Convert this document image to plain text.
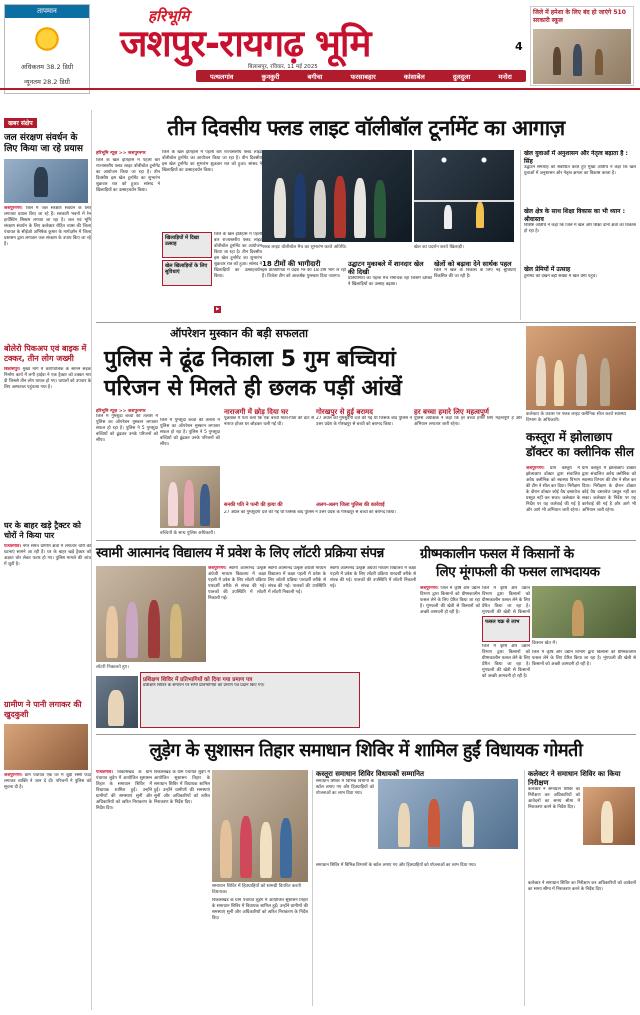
तापमान
अधिकतम 38.2 डिग्री
न्यूनतम 28.2 डिग्री
हरिभूमि
जशपुर-रायगढ़ भूमि
बिलासपुर, रविवार, 11 मई 2025
4
पत्थलगांव	कुनकुरी	बगीचा	फरसाबहार	कांसाबेल	दुलदुला	मनोरा
जिले में हमेशा के लिए बंद हो जाएंगे 510 सरकारी स्कूल
खबर संक्षेप
जल संरक्षण संवर्धन के लिए किया जा रहे प्रयास
जशपुरनगर। जिले में जल संरक्षण संवर्धन के लिए लगातार प्रयास किए जा रहे हैं। सरकारी भवनों में रेन हार्वेस्टिंग सिस्टम लगाया जा रहा है। जल एवं भूमि संरक्षण संवर्धन के लिए कलेक्टर रोहित व्यास की जिला पंचायत के सीईओ अभिषेक कुमार के मार्गदर्शन में जिला प्रशासन द्वारा लगातार जल संरक्षण के उपाय किए जा रहे हैं।
बोलेरो पिकअप एवं बाइक में टक्कर, तीन लोग जख्मी
बिलासपुर। मुख्य मार्ग में कार्यपालिक के सामने सड़क निर्माण कार्य में लगी हाईवा ने एक ट्रैक्टर को टक्कर मार दी जिससे तीन लोग घायल हो गए। घायलों को उपचार के लिए अस्पताल पहुंचाया गया है।
घर के बाहर खड़े ट्रैक्टर को चोरों ने किया पार
पत्थलगांव। नगर समेत ग्रामीण क्षेत्रों में लगातार चोरी की घटनाएं सामने आ रही हैं। घर के बाहर खड़े ट्रैक्टर को अज्ञात चोर लेकर फरार हो गए। पुलिस मामले की जांच में जुटी है।
ग्रामीण ने पानी लगाकर की खुदकुशी
जशपुरनगर। ग्राम पंचायत एक घर में जुड़ी रस्सी फंदा लगाकर व्यक्ति ने जान दे दी। परिजनों ने पुलिस को सूचना दी है।
तीन दिवसीय फ्लड लाइट वॉलीबॉल टूर्नामेंट का आगाज़
हरिभूमि न्यूज़ >> जशपुरनगर
जिले के खेल इतिहास में पहली बार राज्यस्तरीय फ्लड लाइट वॉलीबॉल टूर्नामेंट का आयोजन किया जा रहा है। तीन दिवसीय इस खेल टूर्नामेंट का शुभारंभ शुक्रवार रात को हुआ। सांसद ने खिलाड़ियों का उत्साहवर्धन किया।
जिले के खेल इतिहास में पहली बार राज्यस्तरीय फ्लड लाइट वॉलीबॉल टूर्नामेंट का आयोजन किया जा रहा है। तीन दिवसीय इस खेल टूर्नामेंट का शुभारंभ शुक्रवार रात को हुआ। सांसद ने खिलाड़ियों का उत्साहवर्धन किया।
खिलाड़ियों में दिखा उत्साह
खेल खिलाड़ियों के लिए सुविधाएं
जिले के खेल इतिहास में पहली बार राज्यस्तरीय फ्लड लाइट वॉलीबॉल टूर्नामेंट का आयोजन किया जा रहा है। तीन दिवसीय इस खेल टूर्नामेंट का शुभारंभ शुक्रवार रात को हुआ। सांसद ने खिलाड़ियों का उत्साहवर्धन किया।
▶
फ्लड लाइट वॉलीबॉल मैच का शुभारंभ करते अतिथि।	खेल का प्रदर्शन करते खिलाड़ी।
18 टीमों की भागीदारी
इस प्रतियोगिता में प्रदेश भर की 18 टीमें भाग ले रही हैं। विजेता टीम को आकर्षक पुरस्कार दिया जाएगा।
उद्घाटन मुकाबले में शानदार खेल की दिखी
प्रतियोगिता का पहला मैच रोमांचक रहा जिसमें दर्शकों ने खिलाड़ियों का उत्साह बढ़ाया।
खेलों को बढ़ावा देने सार्थक पहल
जिले में खेल के विकास के लिए नई सुविधाएं विकसित की जा रही हैं।
खेल युवाओं में अनुशासन और नेतृत्व बढ़ाता है : सिंह
उद्घाटन समारोह को संबोधित करते हुए मुख्य अतिथि ने कहा कि खेल युवाओं में अनुशासन और नेतृत्व क्षमता का विकास करता है।
खेल क्षेत्र के साथ शिक्षा विकास का भी ध्यान : श्रीवास्तव
विशिष्ट अतिथि ने कहा कि जिले में खेल और शिक्षा दोनों क्षेत्रों का विकास हो रहा है।
खेल प्रेमियों में उत्साह
टूर्नामेंट को देखने बड़ी संख्या में खेल प्रेमी पहुंचे।
ऑपरेशन मुस्कान की बड़ी सफलता
पुलिस ने ढूंढ निकाला 5 गुम बच्चियां
परिजन से मिलते ही छलक पड़ीं आंखें
कलेक्टर के प्रवास पर फ्लड लाइट क्लीनिक सील करते स्वास्थ्य विभाग के अधिकारी।
हरिभूमि न्यूज़ >> जशपुरनगर
जिले में गुमशुदा बच्चों की तलाश में पुलिस का ऑपरेशन मुस्कान लगातार सफल हो रहा है। पुलिस ने 5 गुमशुदा बच्चियों को ढूंढकर उनके परिजनों को सौंपा।
जिले में गुमशुदा बच्चों की तलाश में पुलिस का ऑपरेशन मुस्कान लगातार सफल हो रहा है। पुलिस ने 5 गुमशुदा बच्चियों को ढूंढकर उनके परिजनों को सौंपा।
बच्चियों के साथ पुलिस अधिकारी।
नाराजगी में छोड़ दिया घर
पूछताछ में पता चला कि एक बच्ची माता-पिता की डांट से नाराज होकर घर छोड़कर चली गई थी।
गोरखपुर से हुई बरामद
27 अप्रैल को गुमशुदगी दर्ज की गई थी जिसके बाद पुलिस ने उत्तर प्रदेश के गोरखपुर से बच्ची को बरामद किया।
हर बच्चा हमारे लिए महत्वपूर्ण
पुलिस अधीक्षक ने कहा कि हर बच्चा हमारे लिए महत्वपूर्ण है और अभियान लगातार जारी रहेगा।
सनकी पति ने पत्नी की हत्या की	अलग-अलग जिला पुलिस की कार्रवाई
27 अप्रैल को गुमशुदगी दर्ज की गई थी जिसके बाद पुलिस ने उत्तर प्रदेश के गोरखपुर से बच्ची को बरामद किया।
कस्तूरा में झोलाछाप डॉक्टर का क्लीनिक सील
जशपुरनगर। ग्राम कस्तूरा में झोलाछाप डॉक्टर द्वारा संचालित अवैध क्लीनिक को स्वास्थ्य विभाग की टीम ने सील कर दिया। निरीक्षण के दौरान डॉक्टर कोई वैध दस्तावेज प्रस्तुत नहीं कर सका। कलेक्टर के निर्देश पर यह कार्रवाई की गई है और आगे भी अभियान जारी रहेगा।
ग्राम कस्तूरा में झोलाछाप डॉक्टर द्वारा संचालित अवैध क्लीनिक को स्वास्थ्य विभाग की टीम ने सील कर दिया। निरीक्षण के दौरान डॉक्टर कोई वैध दस्तावेज प्रस्तुत नहीं कर सका। कलेक्टर के निर्देश पर यह कार्रवाई की गई है और आगे भी अभियान जारी रहेगा।
स्वामी आत्मानंद विद्यालय में प्रवेश के लिए लॉटरी प्रक्रिया संपन्न
लॉटरी निकालते हुए।
जशपुरनगर। स्वामी आत्मानंद उत्कृष्ट अंग्रेजी माध्यम विद्यालय में कक्षा पहली में प्रवेश के लिए लॉटरी प्रक्रिया पारदर्शी तरीके से संपन्न की गई। पालकों की उपस्थिति में लॉटरी निकाली गई।
स्वामी आत्मानंद उत्कृष्ट अंग्रेजी माध्यम विद्यालय में कक्षा पहली में प्रवेश के लिए लॉटरी प्रक्रिया पारदर्शी तरीके से संपन्न की गई। पालकों की उपस्थिति में लॉटरी निकाली गई।
प्रशिक्षण शिविर में प्रतिभागियों को दिया गया प्रमाण पत्र
प्रशिक्षण शिविर के समापन पर सभी प्रतिभागियों को प्रमाण पत्र प्रदान किए गए।
स्वामी आत्मानंद उत्कृष्ट अंग्रेजी माध्यम विद्यालय में कक्षा पहली में प्रवेश के लिए लॉटरी प्रक्रिया पारदर्शी तरीके से संपन्न की गई। पालकों की उपस्थिति में लॉटरी निकाली गई।
ग्रीष्मकालीन फसल में किसानों के
लिए मूंगफली की फसल लाभदायक
जशपुरनगर। जिले में कृषि और उद्यान विभाग द्वारा किसानों को ग्रीष्मकालीन फसल लेने के लिए प्रेरित किया जा रहा है। मूंगफली की खेती से किसानों को अच्छी आमदनी हो रही है।
फसल चक्र से लाभ
जिले में कृषि और उद्यान विभाग द्वारा किसानों को ग्रीष्मकालीन फसल लेने के लिए प्रेरित किया जा रहा है। मूंगफली की खेती से किसानों
जिले में कृषि और उद्यान विभाग द्वारा किसानों को ग्रीष्मकालीन फसल लेने के लिए प्रेरित किया जा रहा है। मूंगफली की खेती से किसानों को अच्छी आमदनी हो रही है।
किसान खेत में।
जिले में कृषि और उद्यान विभाग द्वारा किसानों को ग्रीष्मकालीन फसल लेने के लिए प्रेरित किया जा रहा है। मूंगफली की खेती से किसानों को अच्छी आमदनी हो रही है।
लुड़ेग के सुशासन तिहार समाधान शिविर में शामिल हुईं विधायक गोमती
पत्थलगांव। विकासखंड के ग्राम पंचायत लुड़ेग में आयोजित सुशासन तिहार के समाधान शिविर में विधायक शामिल हुईं। उन्होंने ग्रामीणों की समस्याएं सुनीं और अधिकारियों को त्वरित निराकरण के निर्देश दिए।
विकासखंड के ग्राम पंचायत लुड़ेग में आयोजित सुशासन तिहार के समाधान शिविर में विधायक शामिल हुईं। उन्होंने ग्रामीणों की समस्याएं सुनीं और अधिकारियों को त्वरित निराकरण के निर्देश दिए।
समाधान शिविर में हितग्राहियों को सामग्री वितरित करती विधायक।
विकासखंड के ग्राम पंचायत लुड़ेग में आयोजित सुशासन तिहार के समाधान शिविर में विधायक शामिल हुईं। उन्होंने ग्रामीणों की समस्याएं सुनीं और अधिकारियों को त्वरित निराकरण के निर्देश दिए।
कस्तूरा समाधान शिविर विधायकों सम्मानित
समाधान शिविर में विभिन्न विभागों के स्टॉल लगाए गए और हितग्राहियों को योजनाओं का लाभ दिया गया।
समाधान शिविर में विभिन्न विभागों के स्टॉल लगाए गए और हितग्राहियों को योजनाओं का लाभ दिया गया।
कलेक्टर ने समाधान शिविर का किया निरीक्षण
कलेक्टर ने समाधान शिविर का निरीक्षण कर अधिकारियों को आवेदनों का समय सीमा में निराकरण करने के निर्देश दिए।
कलेक्टर ने समाधान शिविर का निरीक्षण कर अधिकारियों को आवेदनों का समय सीमा में निराकरण करने के निर्देश दिए।
